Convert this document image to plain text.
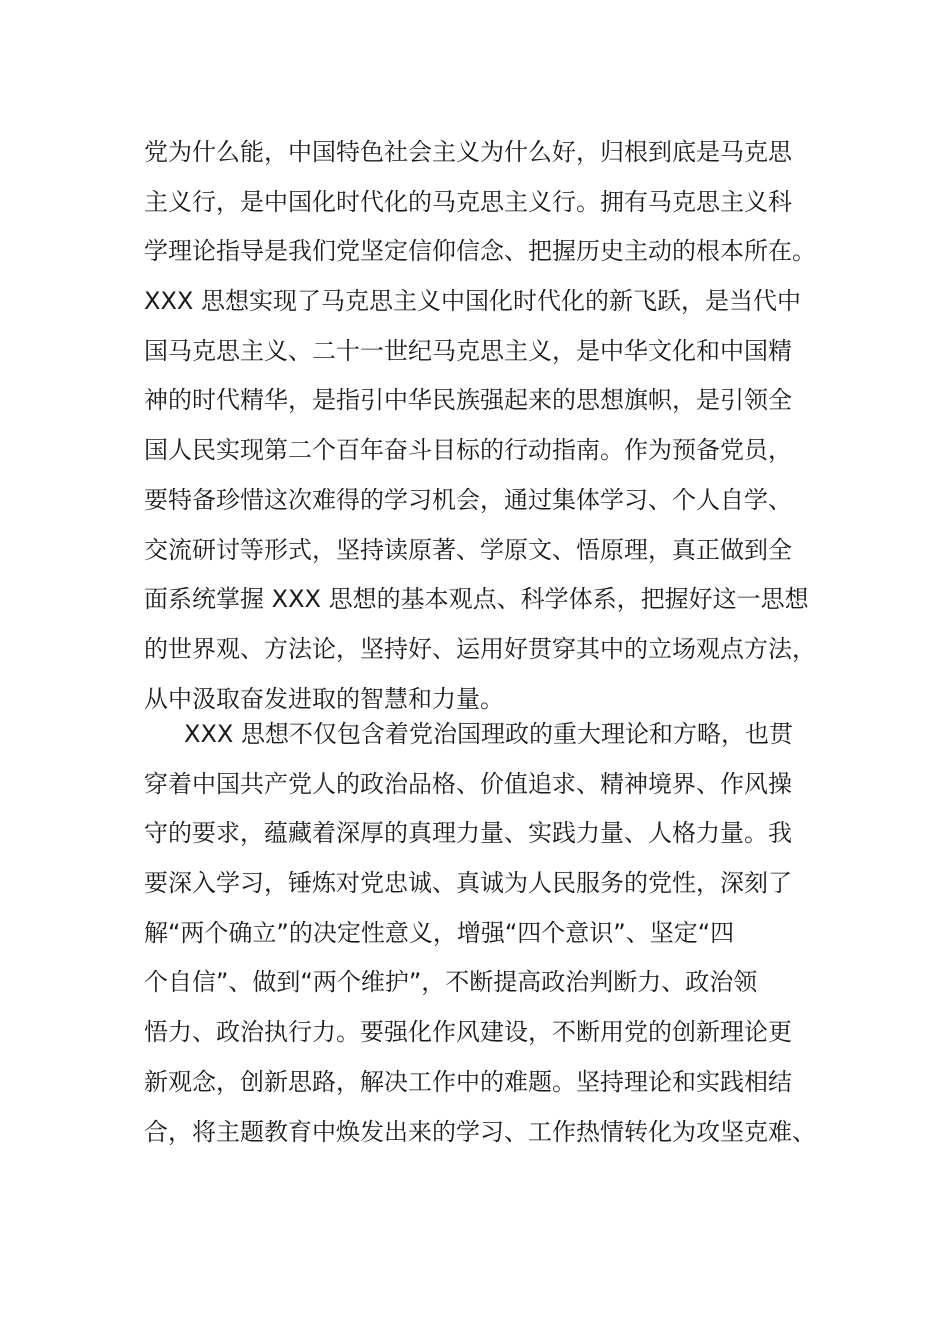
党为什么能，中国特色社会主义为什么好，归根到底是马克思
主义行，是中国化时代化的马克思主义行。拥有马克思主义科
学理论指导是我们党坚定信仰信念、把握历史主动的根本所在。
XXX 思想实现了马克思主义中国化时代化的新飞跃，是当代中
国马克思主义、二十一世纪马克思主义，是中华文化和中国精
神的时代精华，是指引中华民族强起来的思想旗帜，是引领全
国人民实现第二个百年奋斗目标的行动指南。作为预备党员，
要特备珍惜这次难得的学习机会，通过集体学习、个人自学、
交流研讨等形式，坚持读原著、学原文、悟原理，真正做到全
面系统掌握 XXX 思想的基本观点、科学体系，把握好这一思想
的世界观、方法论，坚持好、运用好贯穿其中的立场观点方法，
从中汲取奋发进取的智慧和力量。
XXX 思想不仅包含着党治国理政的重大理论和方略，也贯
穿着中国共产党人的政治品格、价值追求、精神境界、作风操
守的要求，蕴藏着深厚的真理力量、实践力量、人格力量。我
要深入学习，锤炼对党忠诚、真诚为人民服务的党性，深刻了
解“两个确立”的决定性意义，增强“四个意识”、坚定“四
个自信”、做到“两个维护”，不断提高政治判断力、政治领
悟力、政治执行力。要强化作风建设，不断用党的创新理论更
新观念，创新思路，解决工作中的难题。坚持理论和实践相结
合，将主题教育中焕发出来的学习、工作热情转化为攻坚克难、
